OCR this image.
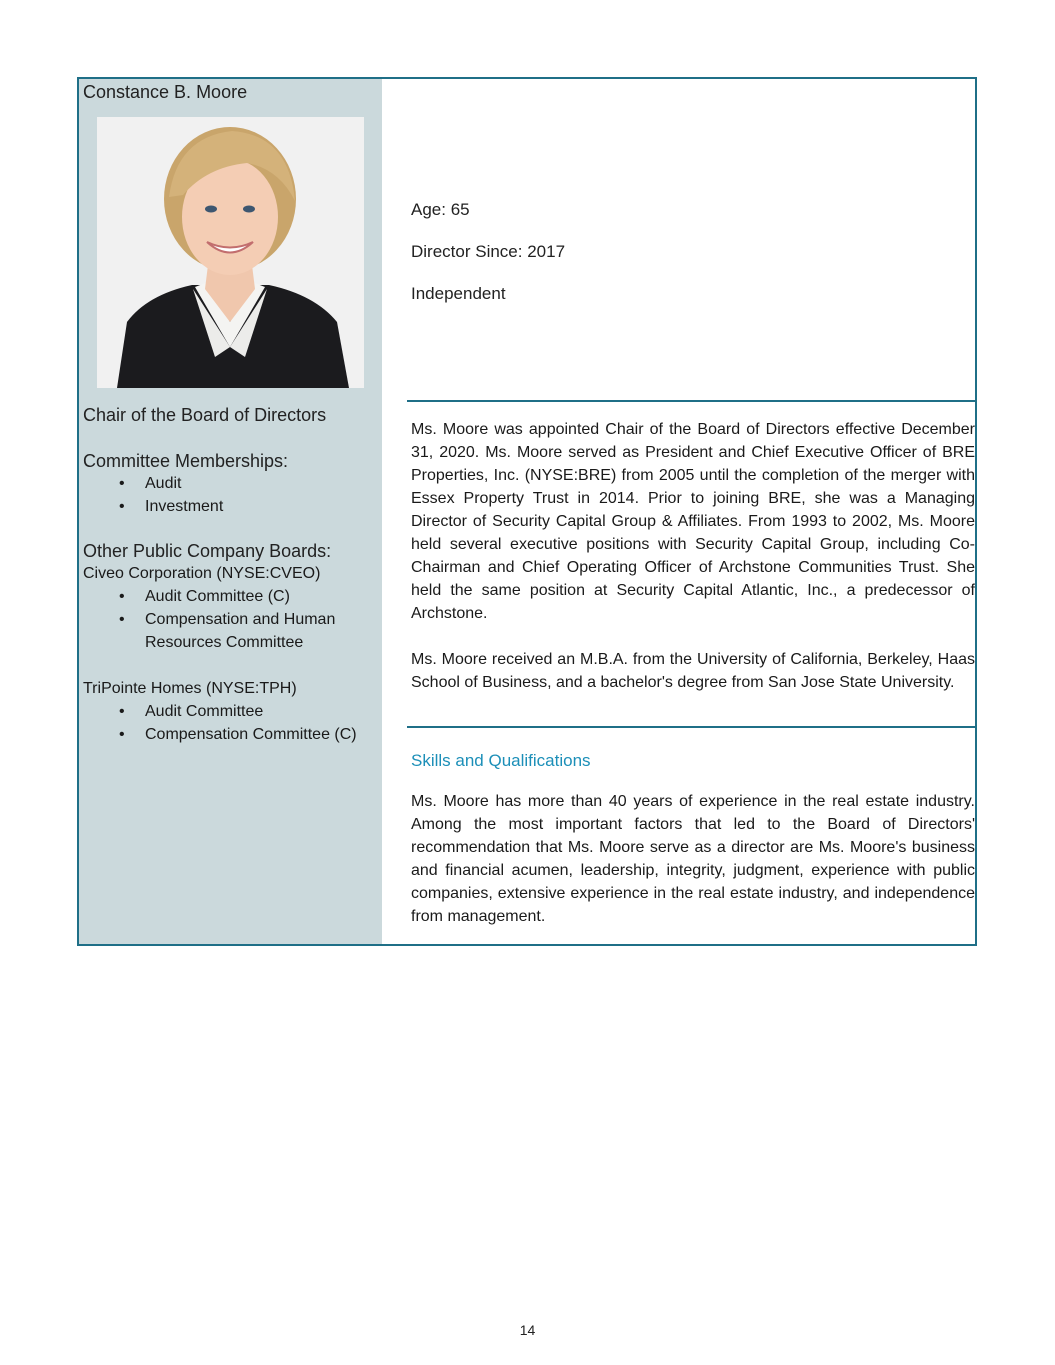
Constance B. Moore
Chair of the Board of Directors

Committee Memberships:

• Audit
• Investment

Other Public Company Boards:

Civeo Corporation (NYSE:CVEO)
• Audit Committee (C)
• Compensation and Human Resources Committee
TriPointe Homes (NYSE:TPH)
• Audit Committee
• Compensation Committee (C)
Age: 65
Director Since: 2017
Independent

Ms. Moore was appointed Chair of the Board of Directors effective December 31, 2020. Ms. Moore served as President and Chief Executive Officer of BRE Properties, Inc. (NYSE:BRE) from 2005 until the completion of the merger with Essex Property Trust in 2014. Prior to joining BRE, she was a Managing Director of Security Capital Group & Affiliates. From 1993 to 2002, Ms. Moore held several executive positions with Security Capital Group, including Co-Chairman and Chief Operating Officer of Archstone Communities Trust. She held the same position at Security Capital Atlantic, Inc., a predecessor of Archstone.

Ms. Moore received an M.B.A. from the University of California, Berkeley, Haas School of Business, and a bachelor's degree from San Jose State University.

Skills and Qualifications
Ms. Moore has more than 40 years of experience in the real estate industry. Among the most important factors that led to the Board of Directors' recommendation that Ms. Moore serve as a director are Ms. Moore's business and financial acumen, leadership, integrity, judgment, experience with public companies, extensive experience in the real estate industry, and independence from management.
14
